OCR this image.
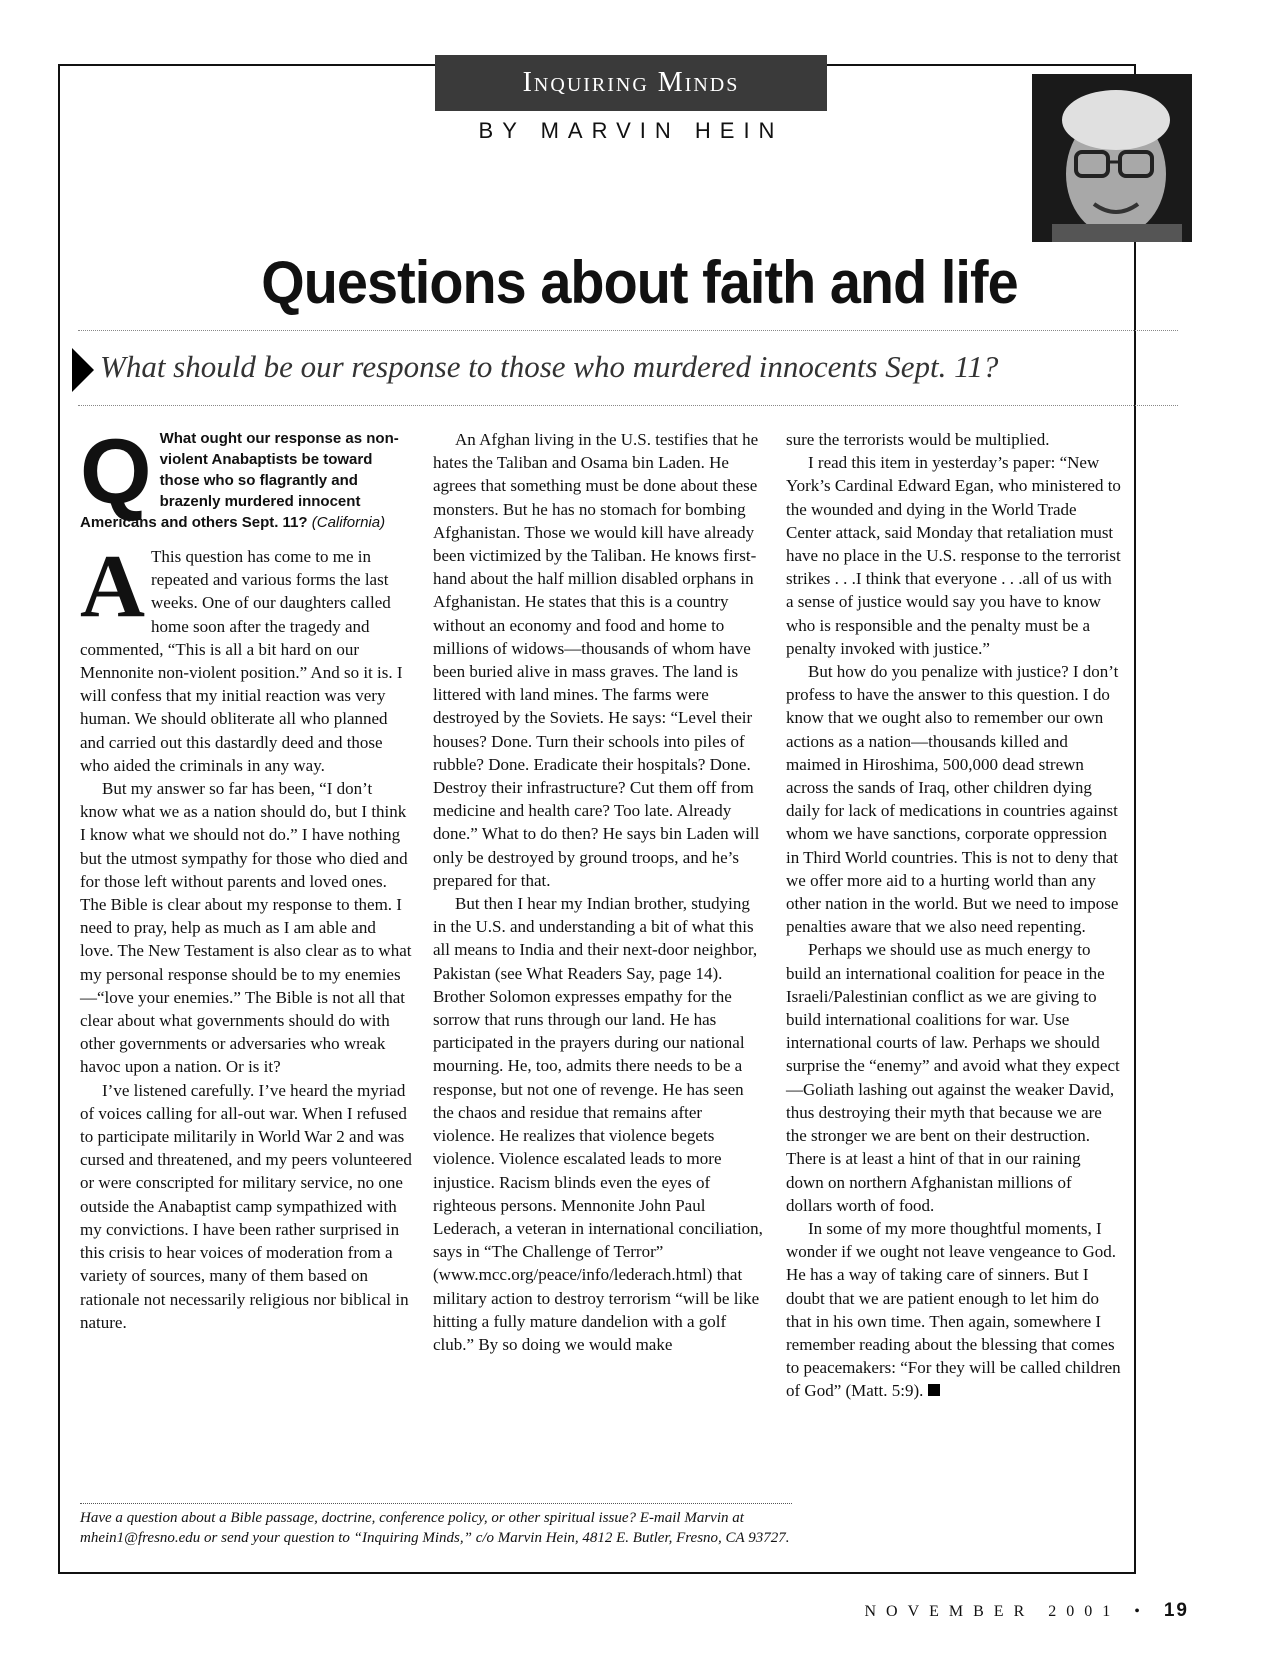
Inquiring Minds
BY MARVIN HEIN
Questions about faith and life
What should be our response to those who murdered innocents Sept. 11?
Q What ought our response as non-violent Anabaptists be toward those who so flagrantly and brazenly murdered innocent Americans and others Sept. 11? (California)

A This question has come to me in repeated and various forms the last weeks. One of our daughters called home soon after the tragedy and commented, “This is all a bit hard on our Mennonite non-violent position.” And so it is. I will confess that my initial reaction was very human. We should obliterate all who planned and carried out this dastardly deed and those who aided the criminals in any way.

But my answer so far has been, “I don’t know what we as a nation should do, but I think I know what we should not do.” I have nothing but the utmost sympathy for those who died and for those left without parents and loved ones. The Bible is clear about my response to them. I need to pray, help as much as I am able and love. The New Testament is also clear as to what my personal response should be to my enemies—“love your enemies.” The Bible is not all that clear about what governments should do with other governments or adversaries who wreak havoc upon a nation. Or is it?

I’ve listened carefully. I’ve heard the myriad of voices calling for all-out war. When I refused to participate militarily in World War 2 and was cursed and threatened, and my peers volunteered or were conscripted for military service, no one outside the Anabaptist camp sympathized with my convictions. I have been rather surprised in this crisis to hear voices of moderation from a variety of sources, many of them based on rationale not necessarily religious nor biblical in nature.

An Afghan living in the U.S. testifies that he hates the Taliban and Osama bin Laden. He agrees that something must be done about these monsters. But he has no stomach for bombing Afghanistan. Those we would kill have already been victimized by the Taliban. He knows first-hand about the half million disabled orphans in Afghanistan. He states that this is a country without an economy and food and home to millions of widows—thousands of whom have been buried alive in mass graves. The land is littered with land mines. The farms were destroyed by the Soviets. He says: “Level their houses? Done. Turn their schools into piles of rubble? Done. Eradicate their hospitals? Done. Destroy their infrastructure? Cut them off from medicine and health care? Too late. Already done.” What to do then? He says bin Laden will only be destroyed by ground troops, and he’s prepared for that.

But then I hear my Indian brother, studying in the U.S. and understanding a bit of what this all means to India and their next-door neighbor, Pakistan (see What Readers Say, page 14). Brother Solomon expresses empathy for the sorrow that runs through our land. He has participated in the prayers during our national mourning. He, too, admits there needs to be a response, but not one of revenge. He has seen the chaos and residue that remains after violence. He realizes that violence begets violence. Violence escalated leads to more injustice. Racism blinds even the eyes of righteous persons. Mennonite John Paul Lederach, a veteran in international conciliation, says in “The Challenge of Terror” (www.mcc.org/peace/info/lederach.html) that military action to destroy terrorism “will be like hitting a fully mature dandelion with a golf club.” By so doing we would make

sure the terrorists would be multiplied.

I read this item in yesterday’s paper: “New York’s Cardinal Edward Egan, who ministered to the wounded and dying in the World Trade Center attack, said Monday that retaliation must have no place in the U.S. response to the terrorist strikes . . .I think that everyone . . .all of us with a sense of justice would say you have to know who is responsible and the penalty must be a penalty invoked with justice.”

But how do you penalize with justice? I don’t profess to have the answer to this question. I do know that we ought also to remember our own actions as a nation—thousands killed and maimed in Hiroshima, 500,000 dead strewn across the sands of Iraq, other children dying daily for lack of medications in countries against whom we have sanctions, corporate oppression in Third World countries. This is not to deny that we offer more aid to a hurting world than any other nation in the world. But we need to impose penalties aware that we also need repenting.

Perhaps we should use as much energy to build an international coalition for peace in the Israeli/Palestinian conflict as we are giving to build international coalitions for war. Use international courts of law. Perhaps we should surprise the “enemy” and avoid what they expect—Goliath lashing out against the weaker David, thus destroying their myth that because we are the stronger we are bent on their destruction. There is at least a hint of that in our raining down on northern Afghanistan millions of dollars worth of food.

In some of my more thoughtful moments, I wonder if we ought not leave vengeance to God. He has a way of taking care of sinners. But I doubt that we are patient enough to let him do that in his own time. Then again, somewhere I remember reading about the blessing that comes to peacemakers: “For they will be called children of God” (Matt. 5:9).

Have a question about a Bible passage, doctrine, conference policy, or other spiritual issue? E-mail Marvin at mhein1@fresno.edu or send your question to “Inquiring Minds,” c/o Marvin Hein, 4812 E. Butler, Fresno, CA 93727.
NOVEMBER 2001 • 19
